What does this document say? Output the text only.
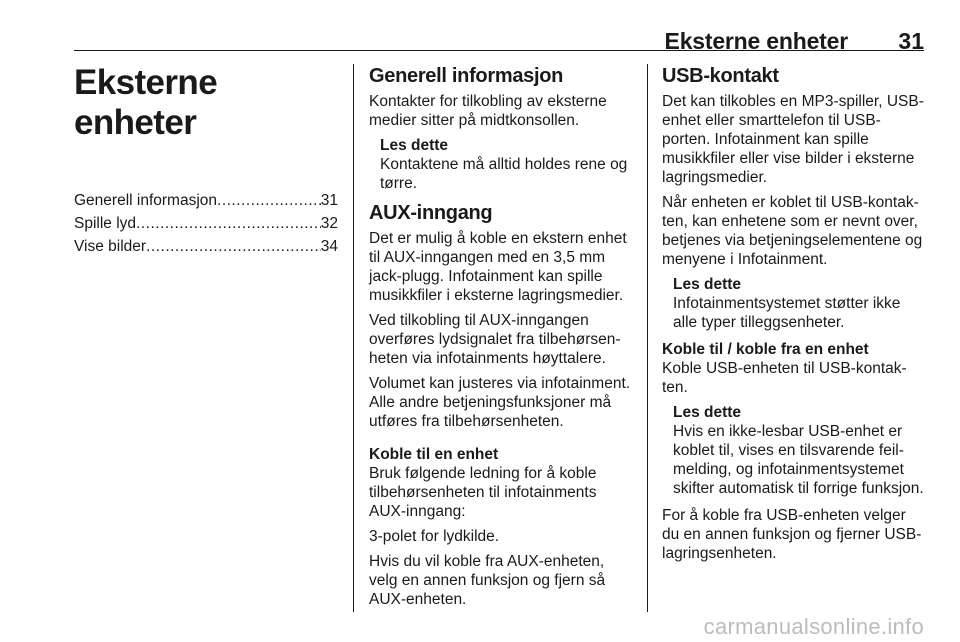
Eksterne enheter 31
Eksterne enheter
Generell informasjon .....	31
Spille lyd .....	32
Vise bilder .....	34
Generell informasjon

Kontakter for tilkobling av eksterne medier sitter på midtkonsollen.

Les dette
Kontaktene må alltid holdes rene og tørre.
AUX-inngang

Det er mulig å koble en ekstern enhet til AUX-inngangen med en 3,5 mm jack-plugg. Infotainment kan spille musikkfiler i eksterne lagringsmedier.

Ved tilkobling til AUX-inngangen overføres lydsignalet fra tilbehørsenheten via infotainments høyttalere.

Volumet kan justeres via infotainment. Alle andre betjeningsfunksjoner må utføres fra tilbehørsenheten.

Koble til en enhet

Bruk følgende ledning for å koble tilbehørsenheten til infotainments AUX-inngang:

3-polet for lydkilde.

Hvis du vil koble fra AUX-enheten, velg en annen funksjon og fjern så AUX-enheten.

USB-kontakt

Det kan tilkobles en MP3-spiller, USB-enhet eller smarttelefon til USB-porten. Infotainment kan spille musikkfiler eller vise bilder i eksterne lagringsmedier.

Når enheten er koblet til USB-kontakten, kan enhetene som er nevnt over, betjenes via betjeningselementene og menyene i Infotainment.

Les dette
Infotainmentsystemet støtter ikke alle typer tilleggsenheter.
Koble til / koble fra en enhet

Koble USB-enheten til USB-kontakten.

Les dette
Hvis en ikke-lesbar USB-enhet er koblet til, vises en tilsvarende feilmelding, og infotainmentsystemet skifter automatisk til forrige funksjon.

For å koble fra USB-enheten velger du en annen funksjon og fjerner USB-lagringsenheten.

carmanualsonline.info
